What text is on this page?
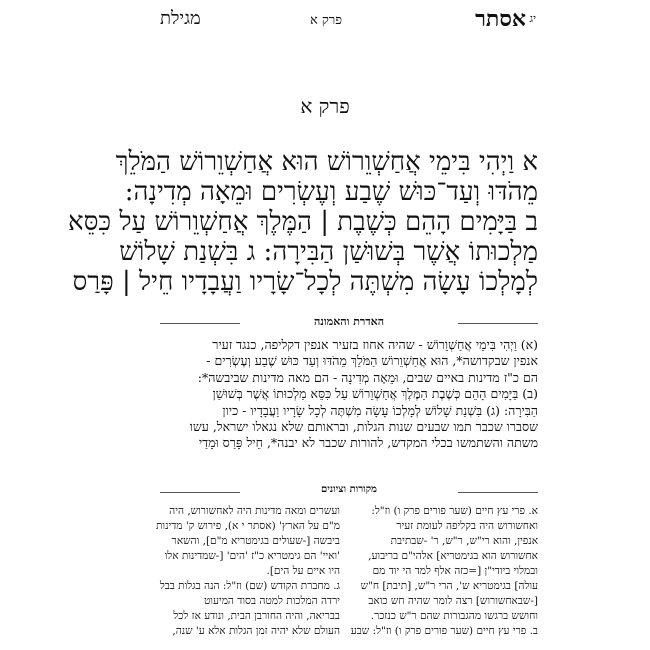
יג
אסתר
פרק א
מגילת
פרק א
א וַיְהִי בִּימֵי אֲחַשְׁוֵרוֹשׁ הוּא אֲחַשְׁוֵרוֹשׁ הַמֹּלֵךְ
מֵהֹדּוּ וְעַד־כּוּשׁ שֶׁבַע וְעֶשְׂרִים וּמֵאָה מְדִינָה:
ב בַּיָּמִים הָהֵם כְּשֶׁבֶת | הַמֶּלֶךְ אֲחַשְׁוֵרוֹשׁ עַל כִּסֵּא
מַלְכוּתוֹ אֲשֶׁר בְּשׁוּשַׁן הַבִּירָה: ג בִּשְׁנַת שָׁלוֹשׁ
לְמָלְכוֹ עָשָׂה מִשְׁתֶּה לְכָל־שָׂרָיו וַעֲבָדָיו חֵיל | פָּרַס
האדרת והאמונה

(א) וַיְהִי בִּימֵי אֲחַשְׁוֵרוֹשׁ - שהיה אחוז בזעיר אנפין דקליפה, כנגד זעיר

אנפין שבקדושה*, הוּא אֲחַשְׁוֵרוֹשׁ הַמֹּלֵךְ מֵהֹדּוּ וְעַד כּוּשׁ שֶׁבַע וְעֶשְׂרִים -

הם כ"ז מדינות באיים שבים, וּמֵאָה מְדִינָה - הם מאה מדינות שביבשה*:

(ב) בַּיָּמִים הָהֵם כְּשֶׁבֶת הַמֶּלֶךְ אֲחַשְׁוֵרוֹשׁ עַל כִּסֵּא מַלְכוּתוֹ אֲשֶׁר בְּשׁוּשַׁן

הַבִּירָה: (ג) בִּשְׁנַת שָׁלוֹשׁ לְמָלְכוֹ עָשָׂה מִשְׁתֶּה לְכָל שָׂרָיו וַעֲבָדָיו - כיון

שסברו שכבר תמו שבעים שנות הגלות, ובראותם שלא נגאלו ישראל, עשו

משתה והשתמשו בכלי המקדש, להורות שכבר לא יבנה*, חֵיל פָּרַס וּמָדַי

מקורות וציונים
א. פרי עץ חיים (שער פורים פרק ו) וז"ל:
ואחשורוש היה בקליפה לעומת זעיר
אנפין, והוא רי"ש, ר"ש, ר' -שבתיבת
אחשורוש הוא בגימטריא] אלהי"ם בריבוע,
ובמלוי ביודי"ן [=כזה אלף למד הי יוד מם
עולה] בגימטריא ש', הרי ר"ש, [תיבת] ח"ש
[-שבאחשורוש] רצה לומר שהיה חש כואב
וחושש ברגשו מהגבורות שהם ר"ש כנזכר.
ב. פרי עץ חיים (שער פורים פרק ו) וז"ל: שבע
ועשרים ומאה מדינות היה לאחשורוש, היה
מ"ם על הארץ' (אסתר י א), פירוש ק' מדינות
ביבשה [-שעולים בגימטריא מ"ם], והשאר
'ואיי' הם גימטריא כ"ז 'הים' [-שמדינות אלו
היו איים על הים].
ג. מחברת הקודש (שם) וז"ל: הנה בגלות בבל
ירדה המלכות למטה בסוד המיעוט
בבריאה, והיה החורבן הבית, ונודע אז לכל
העולם שלא יהיה זמן הגלות אלא ע' שנה,
